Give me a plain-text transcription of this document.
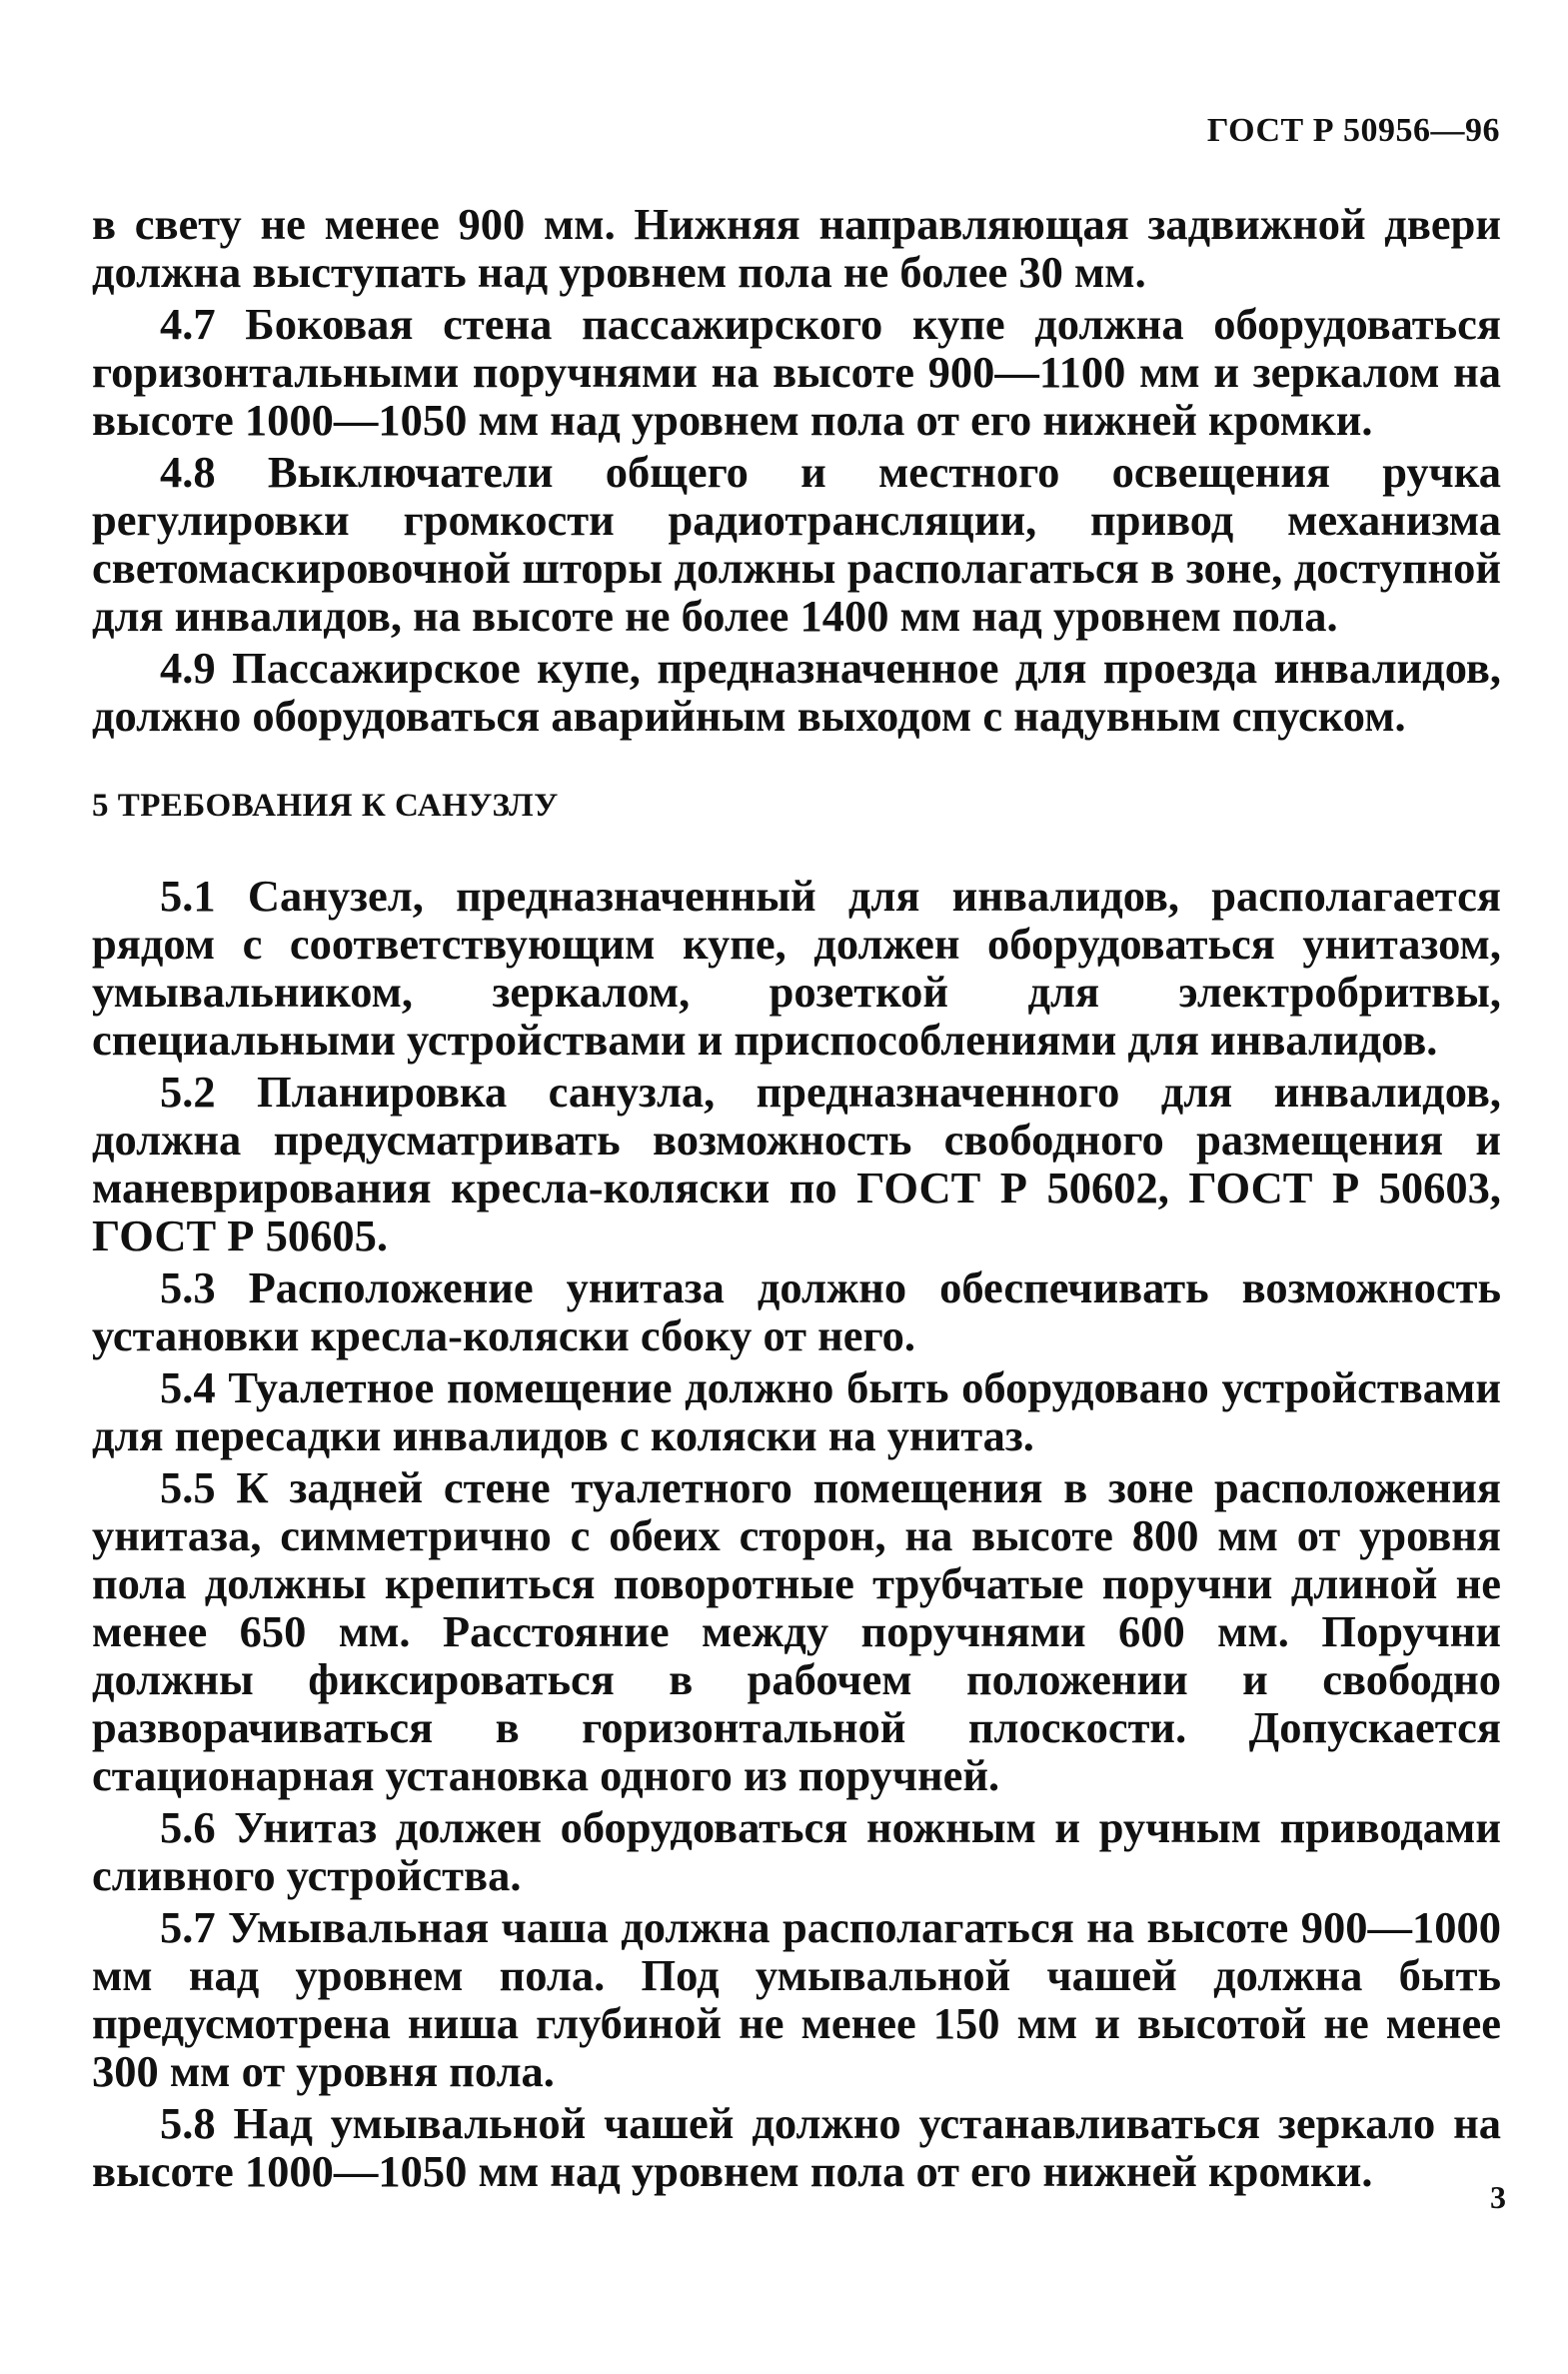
ГОСТ Р 50956—96

в свету не менее 900 мм. Нижняя направляющая задвижной двери должна выступать над уровнем пола не более 30 мм.

4.7 Боковая стена пассажирского купе должна оборудоваться горизонтальными поручнями на высоте 900—1100 мм и зеркалом на высоте 1000—1050 мм над уровнем пола от его нижней кромки.

4.8 Выключатели общего и местного освещения ручка регулировки громкости радиотрансляции, привод механизма светомаскировочной шторы должны располагаться в зоне, доступной для инвалидов, на высоте не более 1400 мм над уровнем пола.

4.9 Пассажирское купе, предназначенное для проезда инвалидов, должно оборудоваться аварийным выходом с надувным спуском.

5 ТРЕБОВАНИЯ К САНУЗЛУ

5.1 Санузел, предназначенный для инвалидов, располагается рядом с соответствующим купе, должен оборудоваться унитазом, умывальником, зеркалом, розеткой для электробритвы, специальными устройствами и приспособлениями для инвалидов.

5.2 Планировка санузла, предназначенного для инвалидов, должна предусматривать возможность свободного размещения и маневрирования кресла-коляски по ГОСТ Р 50602, ГОСТ Р 50603, ГОСТ Р 50605.

5.3 Расположение унитаза должно обеспечивать возможность установки кресла-коляски сбоку от него.

5.4 Туалетное помещение должно быть оборудовано устройствами для пересадки инвалидов с коляски на унитаз.

5.5 К задней стене туалетного помещения в зоне расположения унитаза, симметрично с обеих сторон, на высоте 800 мм от уровня пола должны крепиться поворотные трубчатые поручни длиной не менее 650 мм. Расстояние между поручнями 600 мм. Поручни должны фиксироваться в рабочем положении и свободно разворачиваться в горизонтальной плоскости. Допускается стационарная установка одного из поручней.

5.6 Унитаз должен оборудоваться ножным и ручным приводами сливного устройства.

5.7 Умывальная чаша должна располагаться на высоте 900—1000 мм над уровнем пола. Под умывальной чашей должна быть предусмотрена ниша глубиной не менее 150 мм и высотой не менее 300 мм от уровня пола.

5.8 Над умывальной чашей должно устанавливаться зеркало на высоте 1000—1050 мм над уровнем пола от его нижней кромки.

3
